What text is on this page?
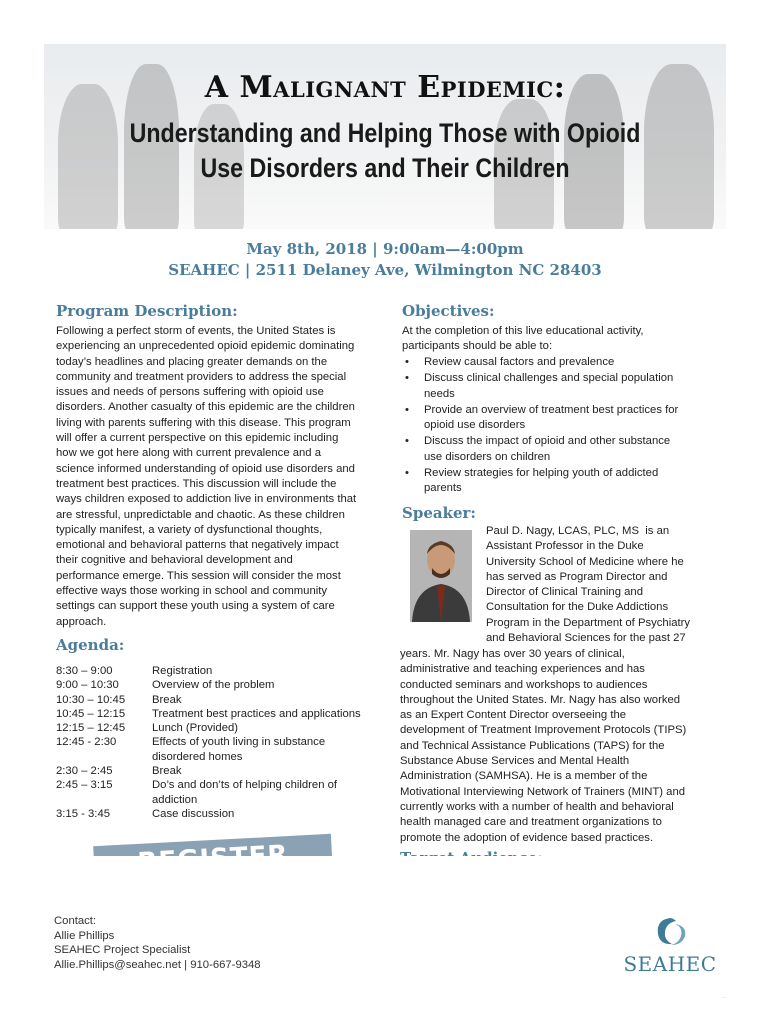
A Malignant Epidemic:
Understanding and Helping Those with Opioid
Use Disorders and Their Children
May 8th, 2018 | 9:00am—4:00pm
SEAHEC | 2511 Delaney Ave, Wilmington NC 28403
Program Description:
Following a perfect storm of events, the United States is
experiencing an unprecedented opioid epidemic dominating
today’s headlines and placing greater demands on the
community and treatment providers to address the special
issues and needs of persons suffering with opioid use
disorders. Another casualty of this epidemic are the children
living with parents suffering with this disease. This program
will offer a current perspective on this epidemic including
how we got here along with current prevalence and a
science informed understanding of opioid use disorders and
treatment best practices. This discussion will include the
ways children exposed to addiction live in environments that
are stressful, unpredictable and chaotic. As these children
typically manifest, a variety of dysfunctional thoughts,
emotional and behavioral patterns that negatively impact
their cognitive and behavioral development and
performance emerge. This session will consider the most
effective ways those working in school and community
settings can support these youth using a system of care
approach.
Objectives:
At the completion of this live educational activity,
participants should be able to:
• Review causal factors and prevalence
• Discuss clinical challenges and special population
needs
• Provide an overview of treatment best practices for
opioid use disorders
• Discuss the impact of opioid and other substance
use disorders on children
• Review strategies for helping youth of addicted
parents
Speaker:
Paul D. Nagy, LCAS, PLC, MS is an
Assistant Professor in the Duke
University School of Medicine where he
has served as Program Director and
Director of Clinical Training and
Consultation for the Duke Addictions
Program in the Department of Psychiatry
and Behavioral Sciences for the past 27
years. Mr. Nagy has over 30 years of clinical,
administrative and teaching experiences and has
conducted seminars and workshops to audiences
throughout the United States. Mr. Nagy has also worked
as an Expert Content Director overseeing the
development of Treatment Improvement Protocols (TIPS)
and Technical Assistance Publications (TAPS) for the
Substance Abuse Services and Mental Health
Administration (SAMHSA). He is a member of the
Motivational Interviewing Network of Trainers (MINT) and
currently works with a number of health and behavioral
health managed care and treatment organizations to
promote the adoption of evidence based practices.
Agenda:
8:30 – 9:00	Registration
9:00 – 10:30	Overview of the problem
10:30 – 10:45	Break
10:45 – 12:15	Treatment best practices and applications
12:15 – 12:45	Lunch (Provided)
12:45 - 2:30	Effects of youth living in substance
disordered homes
2:30 – 2:45	Break
2:45 – 3:15	Do’s and don’ts of helping children of
addiction
3:15 - 3:45	Case discussion
Contact:
Allie Phillips
SEAHEC Project Specialist
Allie.Phillips@seahec.net | 910-667-9348	SEAHEC
